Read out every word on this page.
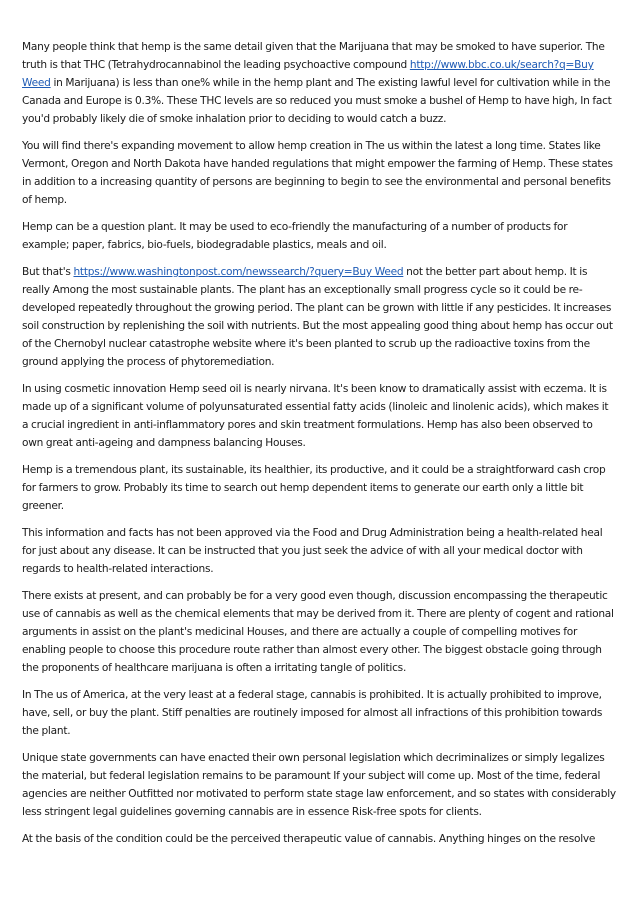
Many people think that hemp is the same detail given that the Marijuana that may be smoked to have superior. The truth is that THC (Tetrahydrocannabinol the leading psychoactive compound http://www.bbc.co.uk/search?q=Buy Weed in Marijuana) is less than one% while in the hemp plant and The existing lawful level for cultivation while in the Canada and Europe is 0.3%. These THC levels are so reduced you must smoke a bushel of Hemp to have high, In fact you'd probably likely die of smoke inhalation prior to deciding to would catch a buzz.

You will find there's expanding movement to allow hemp creation in The us within the latest a long time. States like Vermont, Oregon and North Dakota have handed regulations that might empower the farming of Hemp. These states in addition to a increasing quantity of persons are beginning to begin to see the environmental and personal benefits of hemp.

Hemp can be a question plant. It may be used to eco-friendly the manufacturing of a number of products for example; paper, fabrics, bio-fuels, biodegradable plastics, meals and oil.

But that's https://www.washingtonpost.com/newssearch/?query=Buy Weed not the better part about hemp. It is really Among the most sustainable plants. The plant has an exceptionally small progress cycle so it could be re-developed repeatedly throughout the growing period. The plant can be grown with little if any pesticides. It increases soil construction by replenishing the soil with nutrients. But the most appealing good thing about hemp has occur out of the Chernobyl nuclear catastrophe website where it's been planted to scrub up the radioactive toxins from the ground applying the process of phytoremediation.

In using cosmetic innovation Hemp seed oil is nearly nirvana. It's been know to dramatically assist with eczema. It is made up of a significant volume of polyunsaturated essential fatty acids (linoleic and linolenic acids), which makes it a crucial ingredient in anti-inflammatory pores and skin treatment formulations. Hemp has also been observed to own great anti-ageing and dampness balancing Houses.

Hemp is a tremendous plant, its sustainable, its healthier, its productive, and it could be a straightforward cash crop for farmers to grow. Probably its time to search out hemp dependent items to generate our earth only a little bit greener.

This information and facts has not been approved via the Food and Drug Administration being a health-related heal for just about any disease. It can be instructed that you just seek the advice of with all your medical doctor with regards to health-related interactions.

There exists at present, and can probably be for a very good even though, discussion encompassing the therapeutic use of cannabis as well as the chemical elements that may be derived from it. There are plenty of cogent and rational arguments in assist on the plant's medicinal Houses, and there are actually a couple of compelling motives for enabling people to choose this procedure route rather than almost every other. The biggest obstacle going through the proponents of healthcare marijuana is often a irritating tangle of politics.

In The us of America, at the very least at a federal stage, cannabis is prohibited. It is actually prohibited to improve, have, sell, or buy the plant. Stiff penalties are routinely imposed for almost all infractions of this prohibition towards the plant.

Unique state governments can have enacted their own personal legislation which decriminalizes or simply legalizes the material, but federal legislation remains to be paramount If your subject will come up. Most of the time, federal agencies are neither Outfitted nor motivated to perform state stage law enforcement, and so states with considerably less stringent legal guidelines governing cannabis are in essence Risk-free spots for clients.

At the basis of the condition could be the perceived therapeutic value of cannabis. Anything hinges on the resolve
